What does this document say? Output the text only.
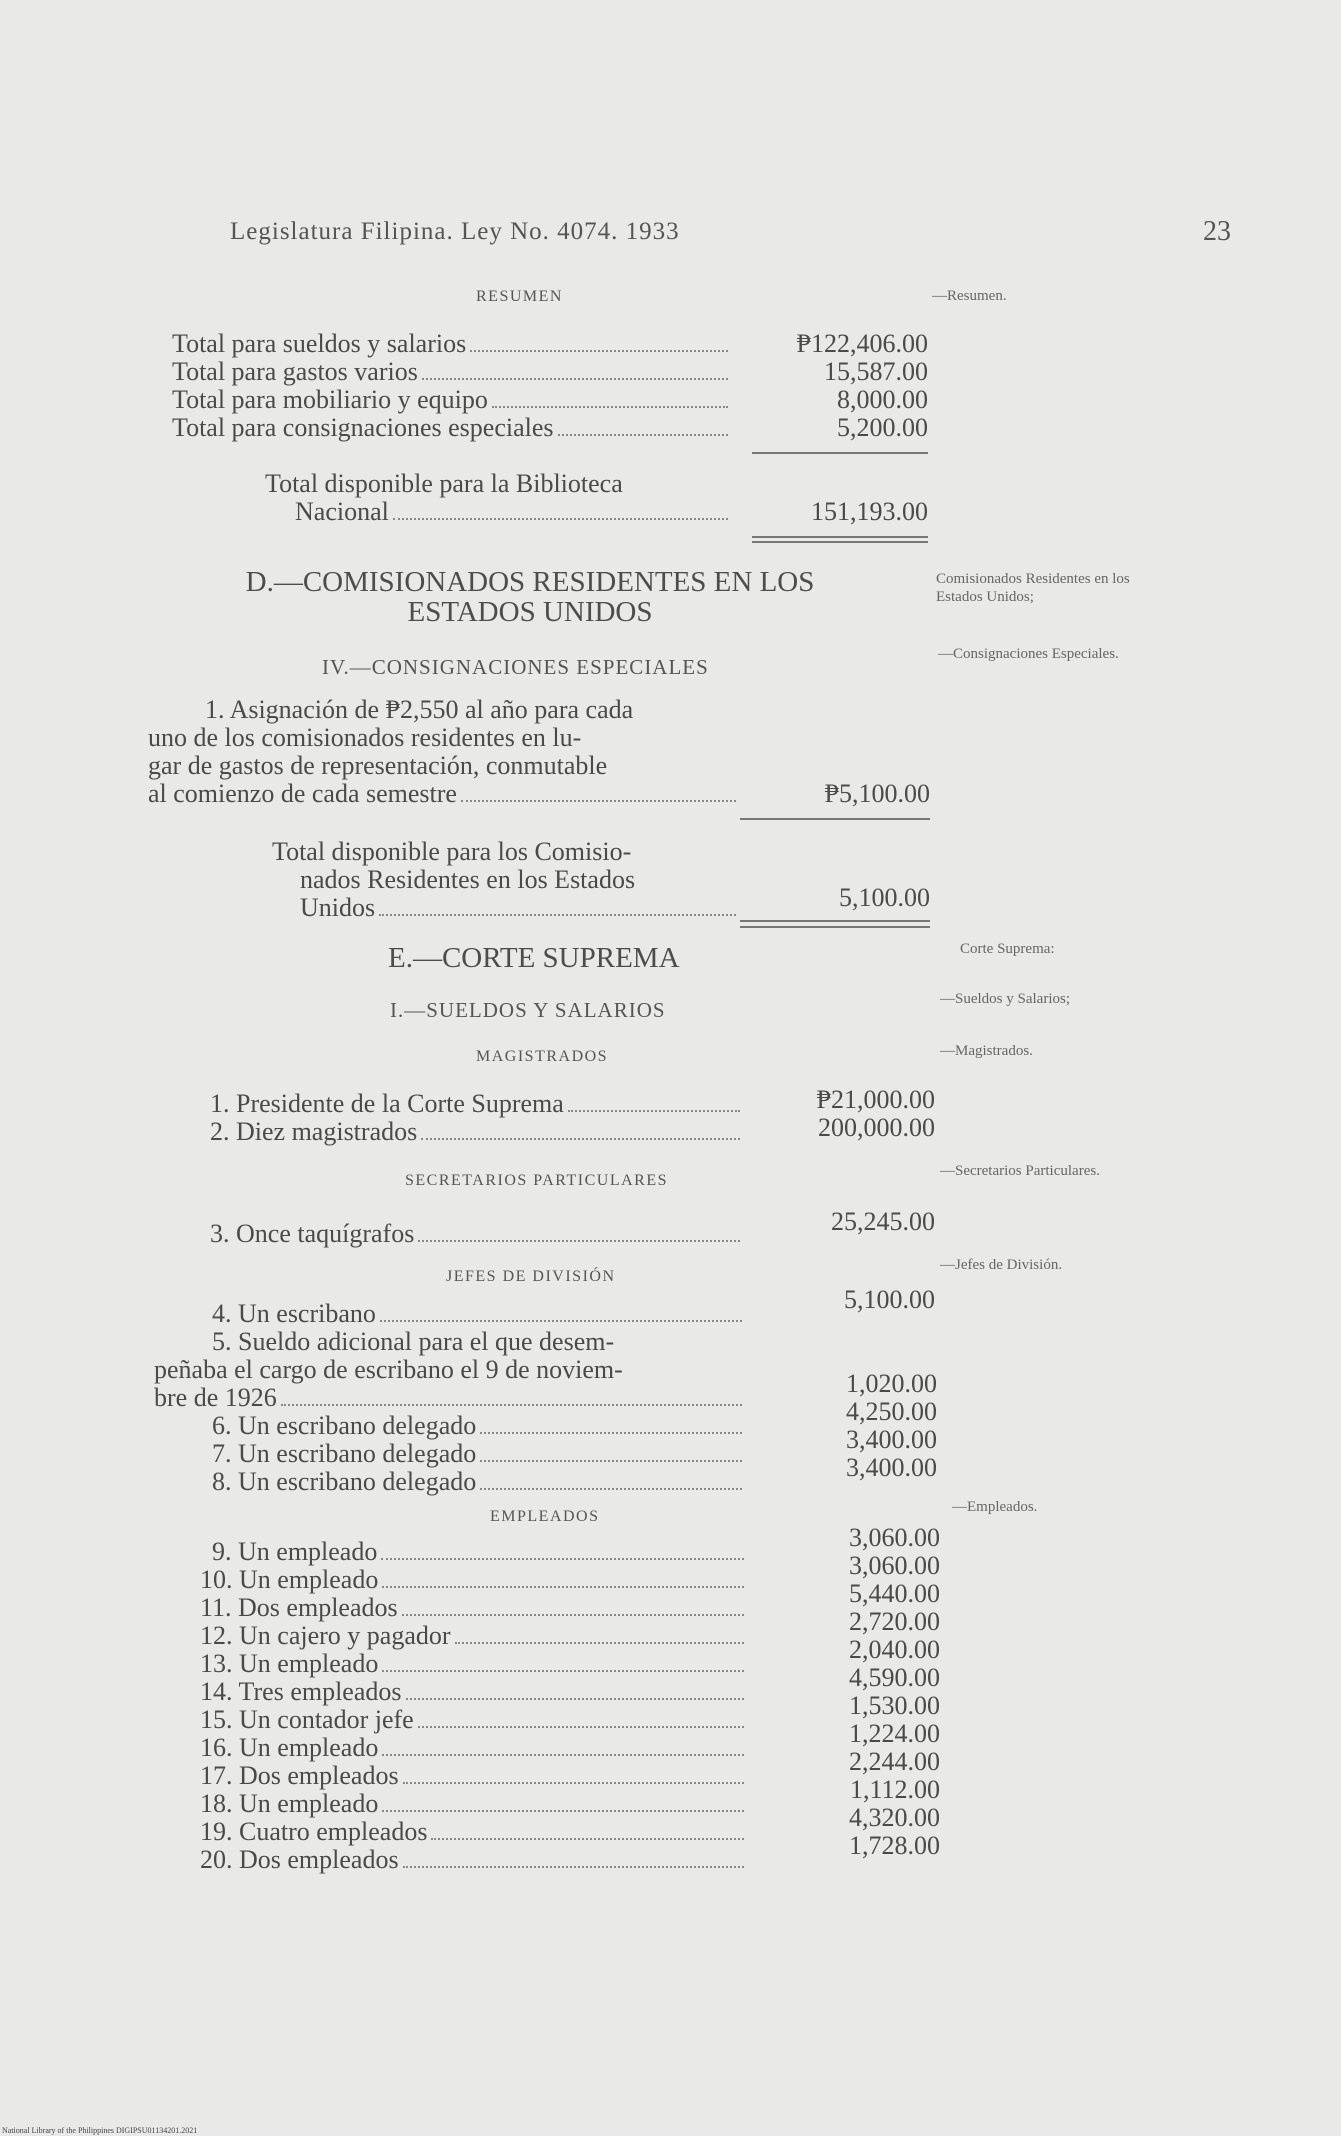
Legislatura Filipina. Ley No. 4074. 1933	23
RESUMEN	—Resumen.
Total para sueldos y salarios	₱122,406.00
Total para gastos varios	15,587.00
Total para mobiliario y equipo	8,000.00
Total para consignaciones especiales	5,200.00
Total disponible para la Biblioteca
Nacional	151,193.00
D.—COMISIONADOS RESIDENTES EN LOS
ESTADOS UNIDOS
Comisionados Residentes en los Estados Unidos;
IV.—CONSIGNACIONES ESPECIALES
—Consignaciones Especiales.
1. Asignación de ₱2,550 al año para cada
uno de los comisionados residentes en lu-
gar de gastos de representación, conmutable
al comienzo de cada semestre	₱5,100.00
Total disponible para los Comisio-
nados Residentes en los Estados
Unidos	5,100.00
E.—CORTE SUPREMA	Corte Suprema:
I.—SUELDOS Y SALARIOS	—Sueldos y Salarios;
MAGISTRADOS	—Magistrados.
1. Presidente de la Corte Suprema	₱21,000.00
2. Diez magistrados	200,000.00
SECRETARIOS PARTICULARES
—Secretarios Particulares.
3. Once taquígrafos	25,245.00
JEFES DE DIVISIÓN
—Jefes de División.
4. Un escribano	5,100.00
5. Sueldo adicional para el que desem-
peñaba el cargo de escribano el 9 de noviem-
bre de 1926	1,020.00
6. Un escribano delegado	4,250.00
7. Un escribano delegado	3,400.00
8. Un escribano delegado	3,400.00
EMPLEADOS
—Empleados.
9. Un empleado	3,060.00
10. Un empleado	3,060.00
11. Dos empleados	5,440.00
12. Un cajero y pagador	2,720.00
13. Un empleado	2,040.00
14. Tres empleados	4,590.00
15. Un contador jefe	1,530.00
16. Un empleado	1,224.00
17. Dos empleados	2,244.00
18. Un empleado	1,112.00
19. Cuatro empleados	4,320.00
20. Dos empleados	1,728.00
National Library of the Philippines DIGIPSU01134201.2021
